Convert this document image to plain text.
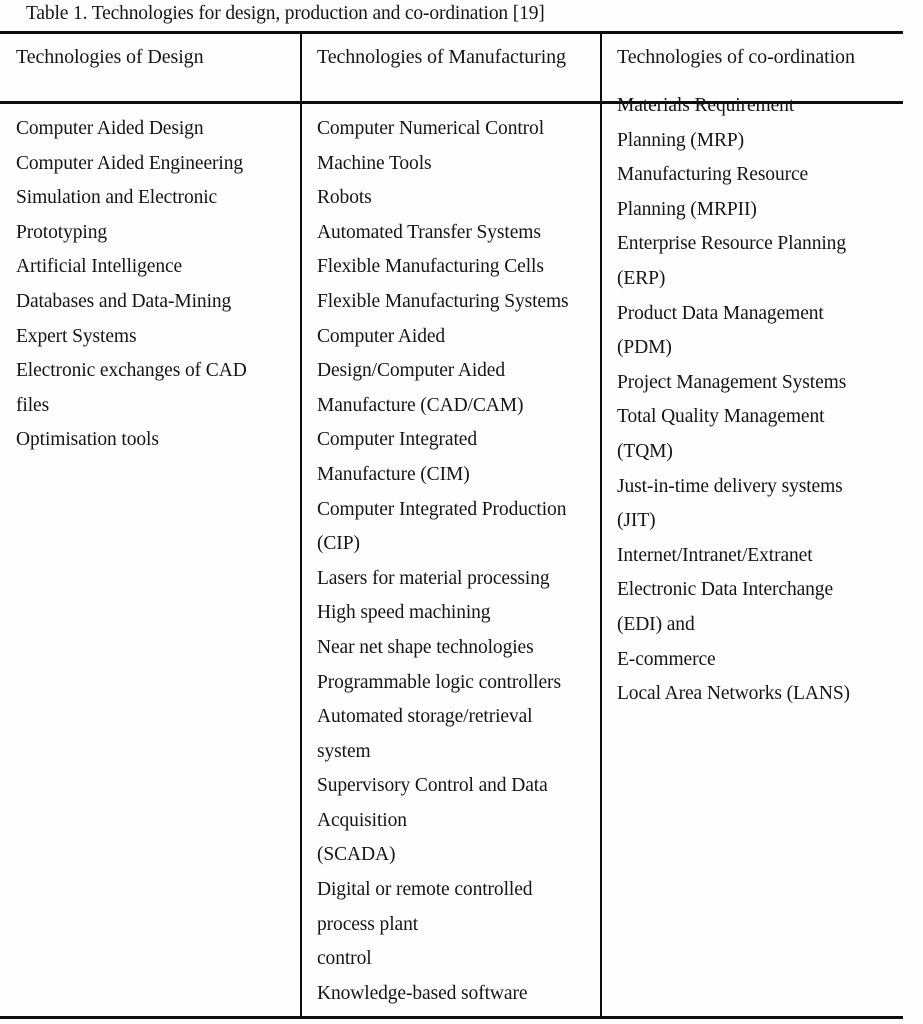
Table 1. Technologies for design, production and co-ordination [19]
Technologies of Design	Technologies of Manufacturing	Technologies of co-ordination
Computer Aided Design
Computer Aided Engineering
Simulation and Electronic
Prototyping
Artificial Intelligence
Databases and Data-Mining
Expert Systems
Electronic exchanges of CAD
files
Optimisation tools
Computer Numerical Control
Machine Tools
Robots
Automated Transfer Systems
Flexible Manufacturing Cells
Flexible Manufacturing Systems
Computer Aided
Design/Computer Aided
Manufacture (CAD/CAM)
Computer Integrated
Manufacture (CIM)
Computer Integrated Production
(CIP)
Lasers for material processing
High speed machining
Near net shape technologies
Programmable logic controllers
Automated storage/retrieval
system
Supervisory Control and Data
Acquisition
(SCADA)
Digital or remote controlled
process plant
control
Knowledge-based software
Materials Requirement
Planning (MRP)
Manufacturing Resource
Planning (MRPII)
Enterprise Resource Planning
(ERP)
Product Data Management
(PDM)
Project Management Systems
Total Quality Management
(TQM)
Just-in-time delivery systems
(JIT)
Internet/Intranet/Extranet
Electronic Data Interchange
(EDI) and
E-commerce
Local Area Networks (LANS)
